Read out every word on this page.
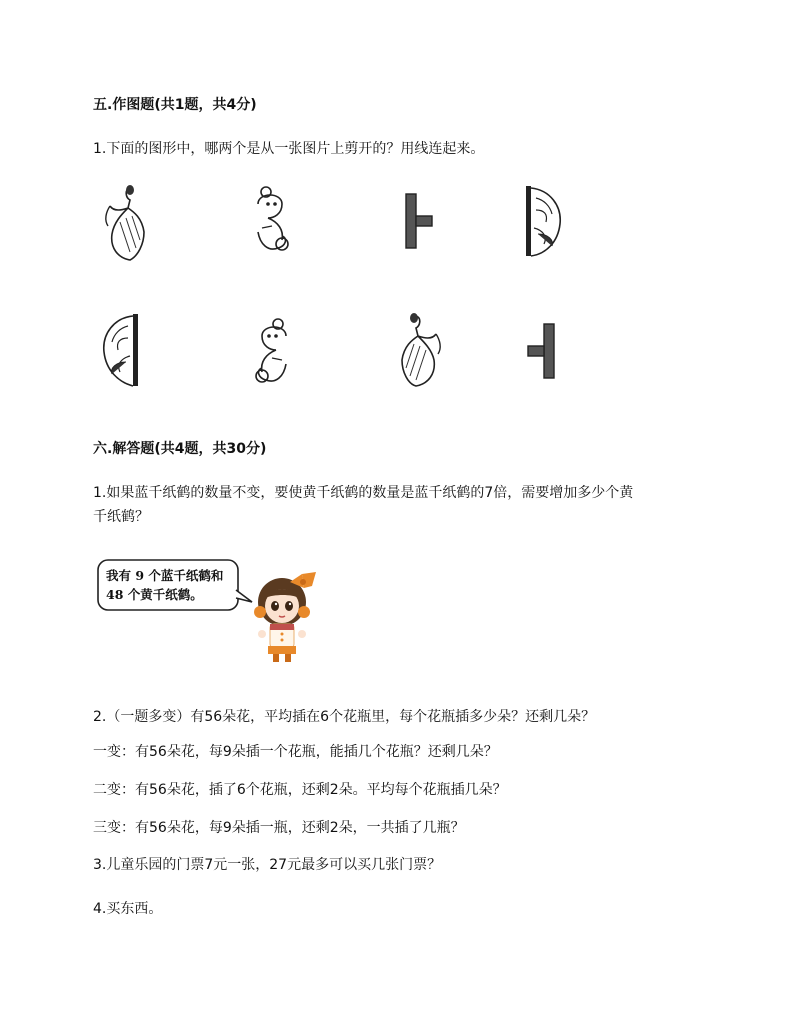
五.作图题(共1题，共4分)
1.下面的图形中，哪两个是从一张图片上剪开的？用线连起来。
六.解答题(共4题，共30分)
1.如果蓝千纸鹤的数量不变，要使黄千纸鹤的数量是蓝千纸鹤的7倍，需要增加多少个黄
千纸鹤？
我有 9 个蓝千纸鹤和
48 个黄千纸鹤。
2.（一题多变）有56朵花，平均插在6个花瓶里，每个花瓶插多少朵？还剩几朵？
一变：有56朵花，每9朵插一个花瓶，能插几个花瓶？还剩几朵？
二变：有56朵花，插了6个花瓶，还剩2朵。平均每个花瓶插几朵？
三变：有56朵花，每9朵插一瓶，还剩2朵，一共插了几瓶？
3.儿童乐园的门票7元一张，27元最多可以买几张门票？
4.买东西。
